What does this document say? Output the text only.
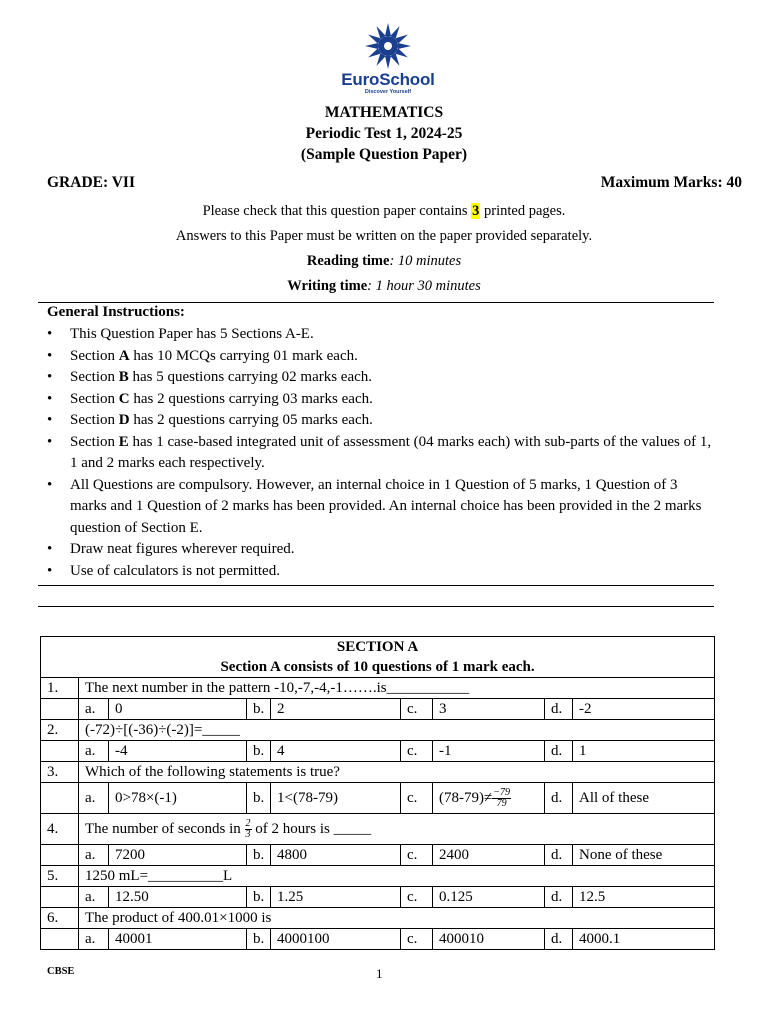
EuroSchool
Discover Yourself
MATHEMATICS
Periodic Test 1, 2024-25
(Sample Question Paper)
GRADE: VII	Maximum Marks: 40
Please check that this question paper contains 3 printed pages.
Answers to this Paper must be written on the paper provided separately.
Reading time: 10 minutes
Writing time: 1 hour 30 minutes
General Instructions:
• This Question Paper has 5 Sections A-E.
• Section A has 10 MCQs carrying 01 mark each.
• Section B has 5 questions carrying 02 marks each.
• Section C has 2 questions carrying 03 marks each.
• Section D has 2 questions carrying 05 marks each.
• Section E has 1 case-based integrated unit of assessment (04 marks each) with sub-parts of the values of 1, 1 and 2 marks each respectively.
• All Questions are compulsory. However, an internal choice in 1 Question of 5 marks, 1 Question of 3 marks and 1 Question of 2 marks has been provided. An internal choice has been provided in the 2 marks question of Section E.
• Draw neat figures wherever required.
• Use of calculators is not permitted.
SECTION A
Section A consists of 10 questions of 1 mark each.								

1.	The next number in the pattern -10,-7,-4,-1…….is___________							
	a.	0	b.	2	c.	3	d.	-2
2.	(-72)÷[(-36)÷(-2)]=_____							
	a.	-4	b.	4	c.	-1	d.	1
3.	Which of the following statements is true?							
	a.	0>78×(-1)	b.	1<(78-79)	c.	$(78-79)\ne \frac{-79}{79}$	d.	All of these
4.	The number of seconds in $\frac{2}{3}$ of 2 hours is _____							
	a.	7200	b.	4800	c.	2400	d.	None of these
5.	1250 mL=__________L							
	a.	12.50	b.	1.25	c.	0.125	d.	12.5
6.	The product of 400.01×1000 is							
	a.	40001	b.	4000100	c.	400010	d.	4000.1
CBSE	1
